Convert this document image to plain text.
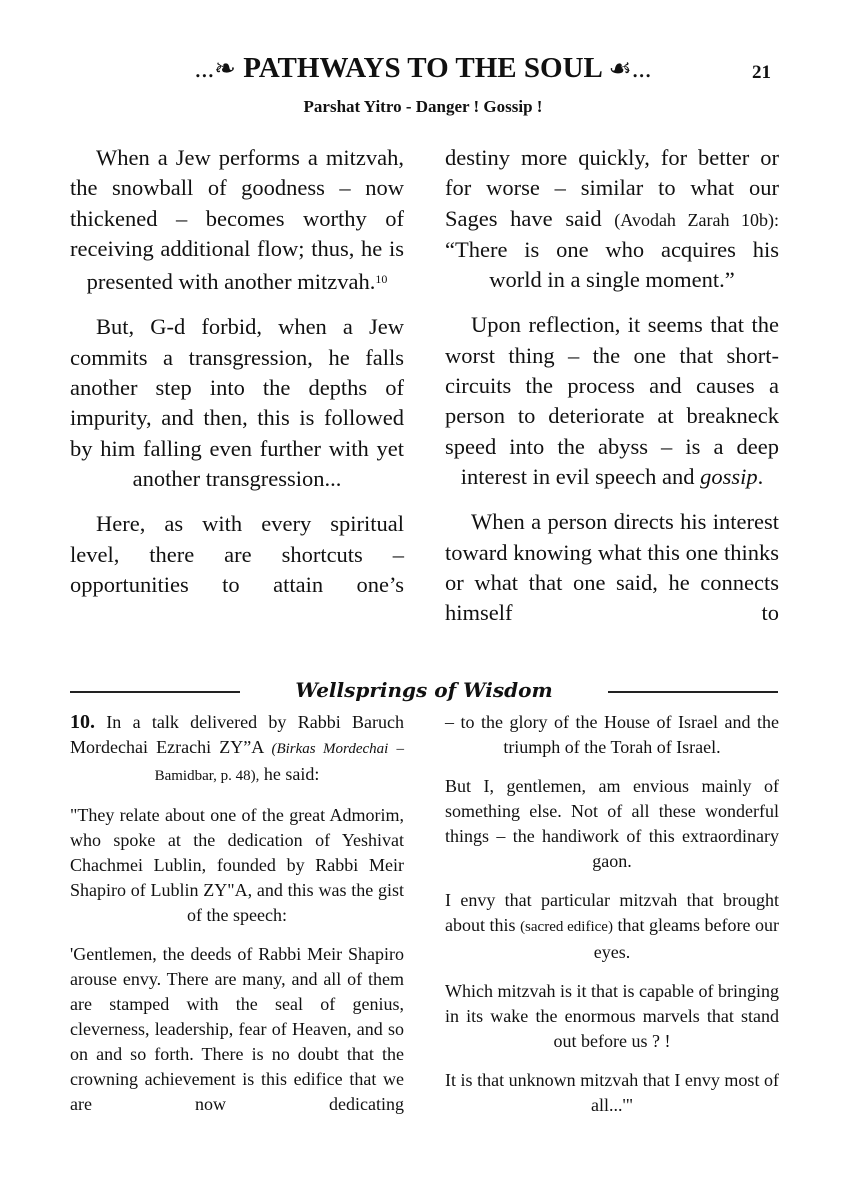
...❧ PATHWAYS TO THE SOUL ☙...	21
Parshat Yitro - Danger ! Gossip !

When a Jew performs a mitzvah, the snowball of goodness – now thickened – becomes worthy of receiving additional flow; thus, he is presented with another mitzvah.$^{10}$

But, G-d forbid, when a Jew commits a transgression, he falls another step into the depths of impurity, and then, this is followed by him falling even further with yet another transgression...

Here, as with every spiritual level, there are shortcuts – opportunities to attain one’s

destiny more quickly, for better or for worse – similar to what our Sages have said (Avodah Zarah 10b): “There is one who acquires his world in a single moment.”

Upon reflection, it seems that the worst thing – the one that short-circuits the process and causes a person to deteriorate at breakneck speed into the abyss – is a deep interest in evil speech and gossip.

When a person directs his interest toward knowing what this one thinks or what that one said, he connects himself to

Wellsprings of Wisdom

10. In a talk delivered by Rabbi Baruch Mordechai Ezrachi ZY”A (Birkas Mordechai – Bamidbar, p. 48), he said:

"They relate about one of the great Admorim, who spoke at the dedication of Yeshivat Chachmei Lublin, founded by Rabbi Meir Shapiro of Lublin ZY"A, and this was the gist of the speech:

'Gentlemen, the deeds of Rabbi Meir Shapiro arouse envy. There are many, and all of them are stamped with the seal of genius, cleverness, leadership, fear of Heaven, and so on and so forth. There is no doubt that the crowning achievement is this edifice that we are now dedicating

– to the glory of the House of Israel and the triumph of the Torah of Israel.

But I, gentlemen, am envious mainly of something else. Not of all these wonderful things – the handiwork of this extraordinary gaon.

I envy that particular mitzvah that brought about this (sacred edifice) that gleams before our eyes.

Which mitzvah is it that is capable of bringing in its wake the enormous marvels that stand out before us ? !

It is that unknown mitzvah that I envy most of all...'"
